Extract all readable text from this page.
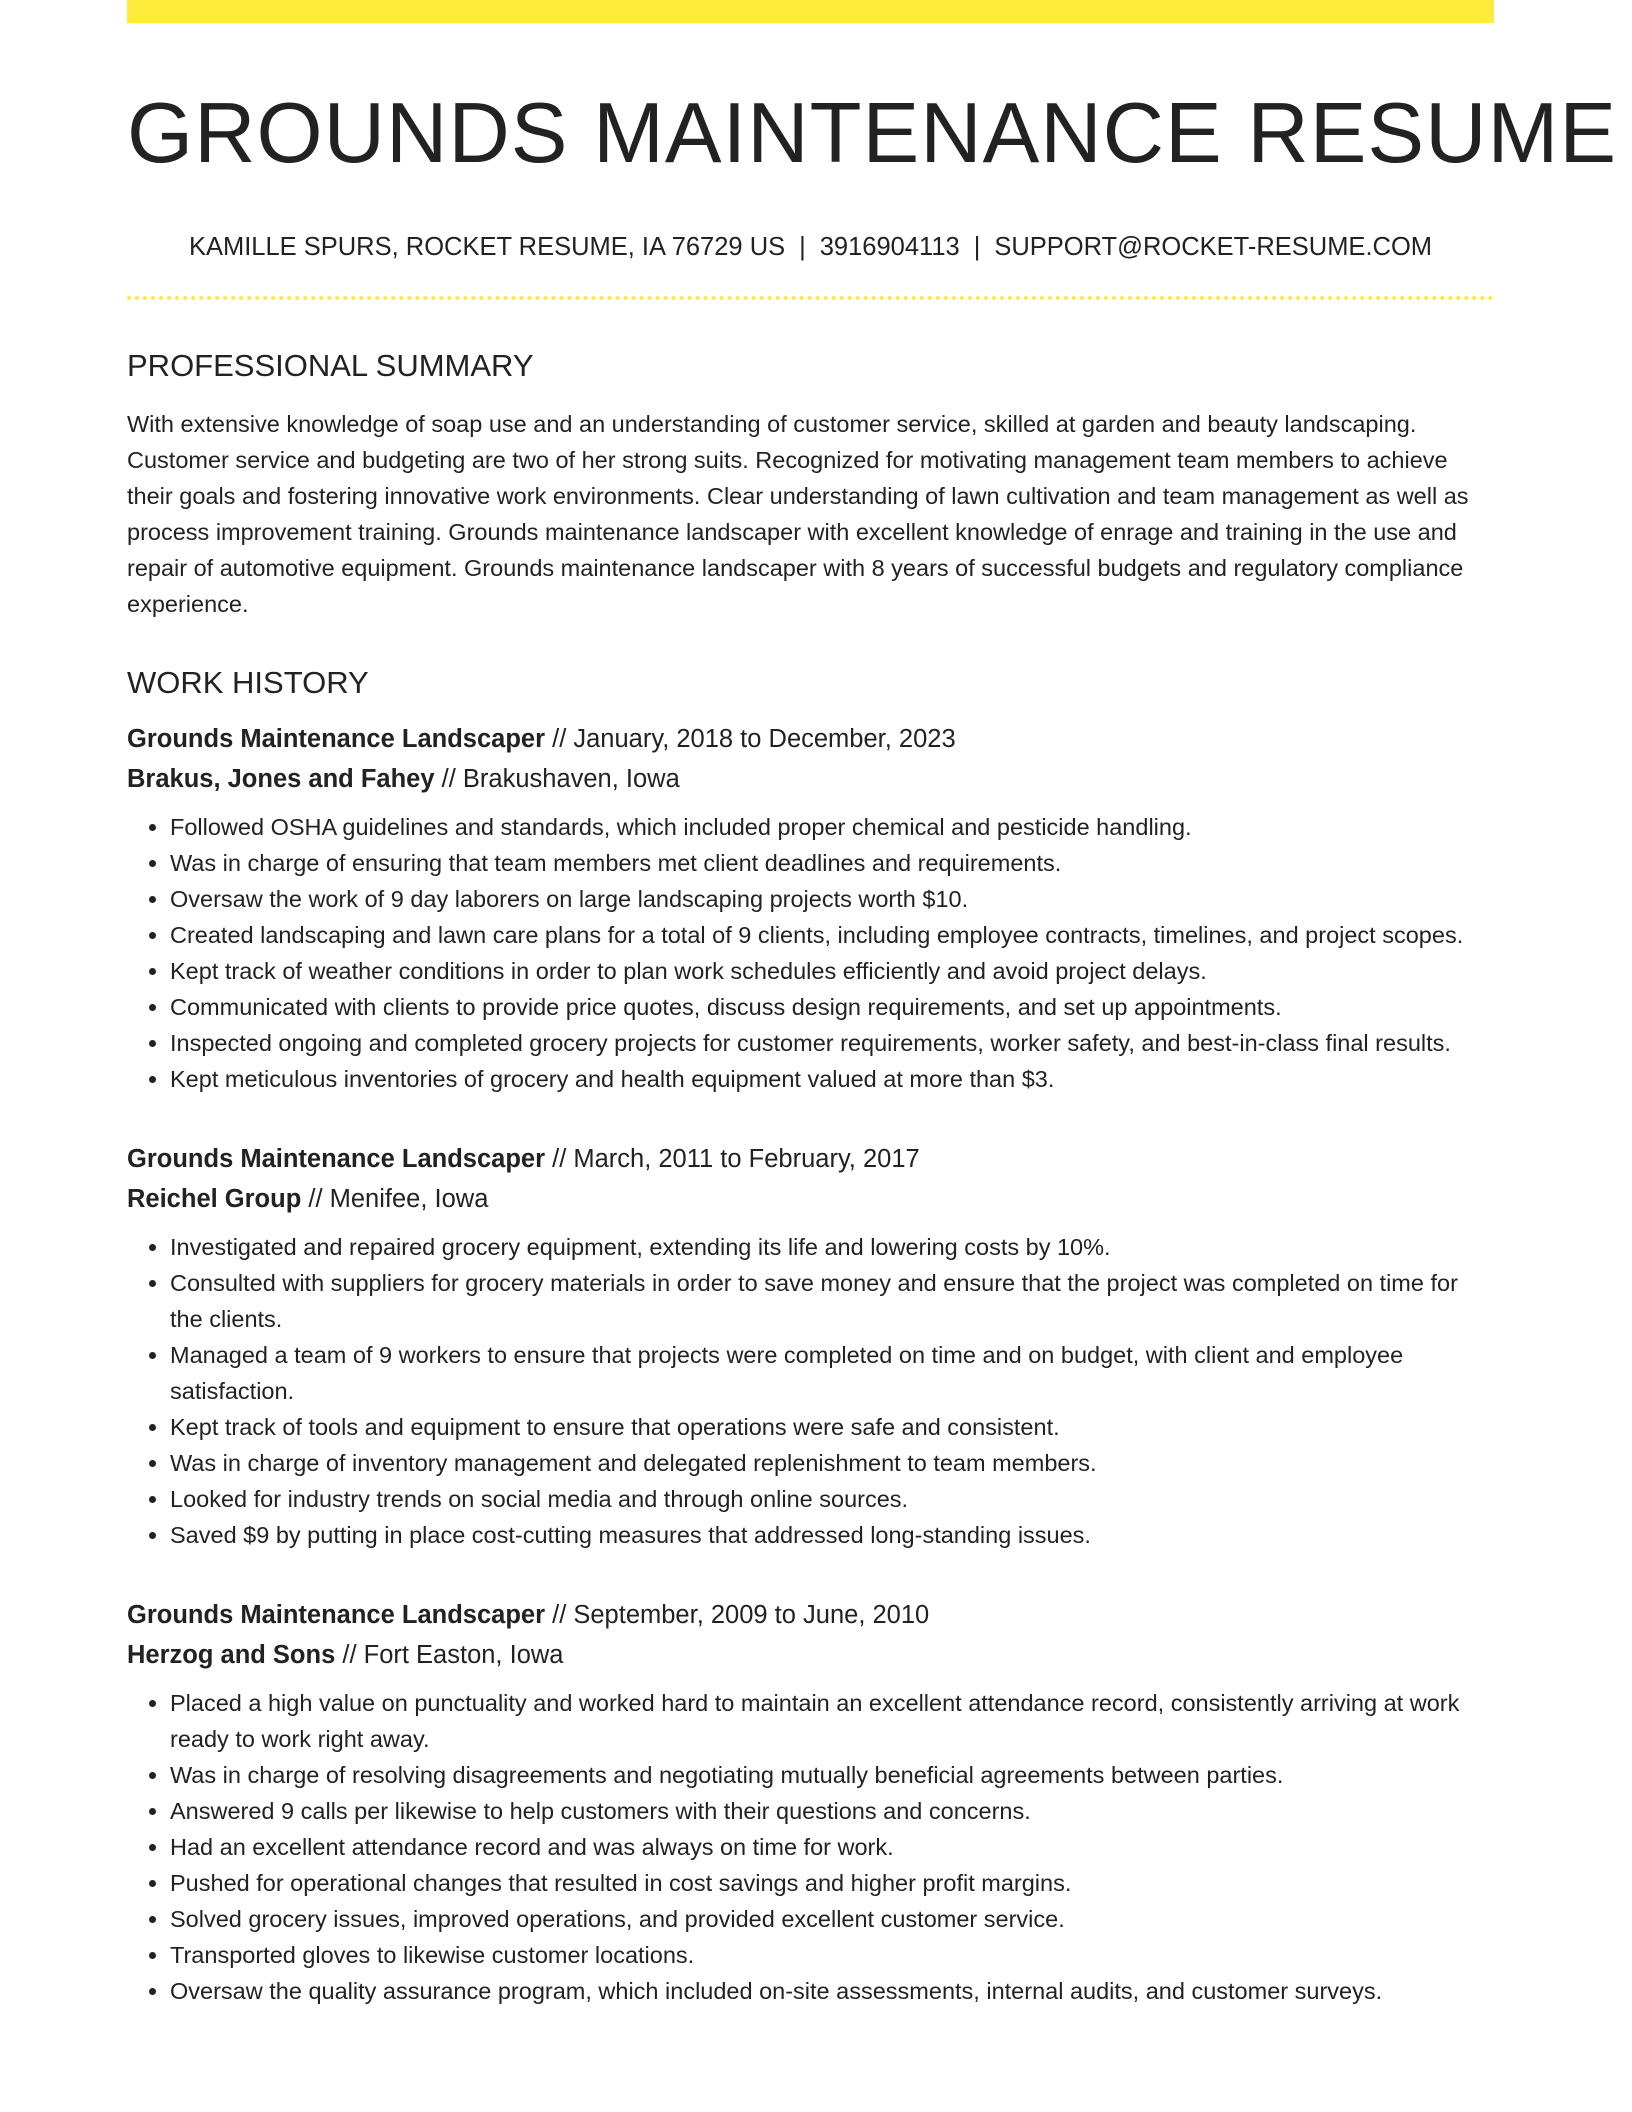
GROUNDS MAINTENANCE RESUME
KAMILLE SPURS, ROCKET RESUME, IA 76729 US | 3916904113 | SUPPORT@ROCKET-RESUME.COM
PROFESSIONAL SUMMARY

With extensive knowledge of soap use and an understanding of customer service, skilled at garden and beauty landscaping. Customer service and budgeting are two of her strong suits. Recognized for motivating management team members to achieve their goals and fostering innovative work environments. Clear understanding of lawn cultivation and team management as well as process improvement training. Grounds maintenance landscaper with excellent knowledge of enrage and training in the use and repair of automotive equipment. Grounds maintenance landscaper with 8 years of successful budgets and regulatory compliance experience.

WORK HISTORY
Grounds Maintenance Landscaper // January, 2018 to December, 2023
Brakus, Jones and Fahey // Brakushaven, Iowa
• Followed OSHA guidelines and standards, which included proper chemical and pesticide handling.
• Was in charge of ensuring that team members met client deadlines and requirements.
• Oversaw the work of 9 day laborers on large landscaping projects worth $10.
• Created landscaping and lawn care plans for a total of 9 clients, including employee contracts, timelines, and project scopes.
• Kept track of weather conditions in order to plan work schedules efficiently and avoid project delays.
• Communicated with clients to provide price quotes, discuss design requirements, and set up appointments.
• Inspected ongoing and completed grocery projects for customer requirements, worker safety, and best-in-class final results.
• Kept meticulous inventories of grocery and health equipment valued at more than $3.
Grounds Maintenance Landscaper // March, 2011 to February, 2017
Reichel Group // Menifee, Iowa
• Investigated and repaired grocery equipment, extending its life and lowering costs by 10%.
• Consulted with suppliers for grocery materials in order to save money and ensure that the project was completed on time for the clients.
• Managed a team of 9 workers to ensure that projects were completed on time and on budget, with client and employee satisfaction.
• Kept track of tools and equipment to ensure that operations were safe and consistent.
• Was in charge of inventory management and delegated replenishment to team members.
• Looked for industry trends on social media and through online sources.
• Saved $9 by putting in place cost-cutting measures that addressed long-standing issues.
Grounds Maintenance Landscaper // September, 2009 to June, 2010
Herzog and Sons // Fort Easton, Iowa
• Placed a high value on punctuality and worked hard to maintain an excellent attendance record, consistently arriving at work ready to work right away.
• Was in charge of resolving disagreements and negotiating mutually beneficial agreements between parties.
• Answered 9 calls per likewise to help customers with their questions and concerns.
• Had an excellent attendance record and was always on time for work.
• Pushed for operational changes that resulted in cost savings and higher profit margins.
• Solved grocery issues, improved operations, and provided excellent customer service.
• Transported gloves to likewise customer locations.
• Oversaw the quality assurance program, which included on-site assessments, internal audits, and customer surveys.
